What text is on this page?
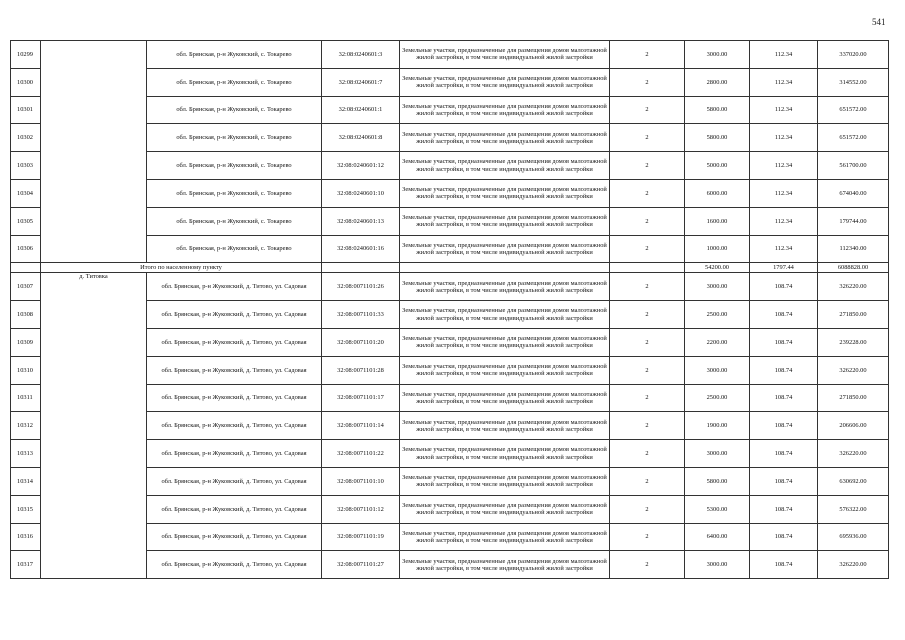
541
10299		обл. Брянская, р-н Жуковский, с. Токарево	32:08:0240601:3	Земельные участки, предназначенные для размещения домов малоэтажной жилой застройки, в том числе индивидуальной жилой застройки	2	3000.00	112.34	337020.00
10300		обл. Брянская, р-н Жуковский, с. Токарево	32:08:0240601:7	Земельные участки, предназначенные для размещения домов малоэтажной жилой застройки, в том числе индивидуальной жилой застройки	2	2800.00	112.34	314552.00
10301		обл. Брянская, р-н Жуковский, с. Токарево	32:08:0240601:1	Земельные участки, предназначенные для размещения домов малоэтажной жилой застройки, в том числе индивидуальной жилой застройки	2	5800.00	112.34	651572.00
10302		обл. Брянская, р-н Жуковский, с. Токарево	32:08:0240601:8	Земельные участки, предназначенные для размещения домов малоэтажной жилой застройки, в том числе индивидуальной жилой застройки	2	5800.00	112.34	651572.00
10303		обл. Брянская, р-н Жуковский, с. Токарево	32:08:0240601:12	Земельные участки, предназначенные для размещения домов малоэтажной жилой застройки, в том числе индивидуальной жилой застройки	2	5000.00	112.34	561700.00
10304		обл. Брянская, р-н Жуковский, с. Токарево	32:08:0240601:10	Земельные участки, предназначенные для размещения домов малоэтажной жилой застройки, в том числе индивидуальной жилой застройки	2	6000.00	112.34	674040.00
10305		обл. Брянская, р-н Жуковский, с. Токарево	32:08:0240601:13	Земельные участки, предназначенные для размещения домов малоэтажной жилой застройки, в том числе индивидуальной жилой застройки	2	1600.00	112.34	179744.00
10306		обл. Брянская, р-н Жуковский, с. Токарево	32:08:0240601:16	Земельные участки, предназначенные для размещения домов малоэтажной жилой застройки, в том числе индивидуальной жилой застройки	2	1000.00	112.34	112340.00
	Итого по населенному пункту					54200.00	1797.44	6088828.00
10307	д. Титовка	обл. Брянская, р-н Жуковский, д. Титово, ул. Садовая	32:08:0071101:26	Земельные участки, предназначенные для размещения домов малоэтажной жилой застройки, в том числе индивидуальной жилой застройки	2	3000.00	108.74	326220.00
10308		обл. Брянская, р-н Жуковский, д. Титово, ул. Садовая	32:08:0071101:33	Земельные участки, предназначенные для размещения домов малоэтажной жилой застройки, в том числе индивидуальной жилой застройки	2	2500.00	108.74	271850.00
10309		обл. Брянская, р-н Жуковский, д. Титово, ул. Садовая	32:08:0071101:20	Земельные участки, предназначенные для размещения домов малоэтажной жилой застройки, в том числе индивидуальной жилой застройки	2	2200.00	108.74	239228.00
10310		обл. Брянская, р-н Жуковский, д. Титово, ул. Садовая	32:08:0071101:28	Земельные участки, предназначенные для размещения домов малоэтажной жилой застройки, в том числе индивидуальной жилой застройки	2	3000.00	108.74	326220.00
10311		обл. Брянская, р-н Жуковский, д. Титово, ул. Садовая	32:08:0071101:17	Земельные участки, предназначенные для размещения домов малоэтажной жилой застройки, в том числе индивидуальной жилой застройки	2	2500.00	108.74	271850.00
10312		обл. Брянская, р-н Жуковский, д. Титово, ул. Садовая	32:08:0071101:14	Земельные участки, предназначенные для размещения домов малоэтажной жилой застройки, в том числе индивидуальной жилой застройки	2	1900.00	108.74	206606.00
10313		обл. Брянская, р-н Жуковский, д. Титово, ул. Садовая	32:08:0071101:22	Земельные участки, предназначенные для размещения домов малоэтажной жилой застройки, в том числе индивидуальной жилой застройки	2	3000.00	108.74	326220.00
10314		обл. Брянская, р-н Жуковский, д. Титово, ул. Садовая	32:08:0071101:10	Земельные участки, предназначенные для размещения домов малоэтажной жилой застройки, в том числе индивидуальной жилой застройки	2	5800.00	108.74	630692.00
10315		обл. Брянская, р-н Жуковский, д. Титово, ул. Садовая	32:08:0071101:12	Земельные участки, предназначенные для размещения домов малоэтажной жилой застройки, в том числе индивидуальной жилой застройки	2	5300.00	108.74	576322.00
10316		обл. Брянская, р-н Жуковский, д. Титово, ул. Садовая	32:08:0071101:19	Земельные участки, предназначенные для размещения домов малоэтажной жилой застройки, в том числе индивидуальной жилой застройки	2	6400.00	108.74	695936.00
10317		обл. Брянская, р-н Жуковский, д. Титово, ул. Садовая	32:08:0071101:27	Земельные участки, предназначенные для размещения домов малоэтажной жилой застройки, в том числе индивидуальной жилой застройки	2	3000.00	108.74	326220.00
